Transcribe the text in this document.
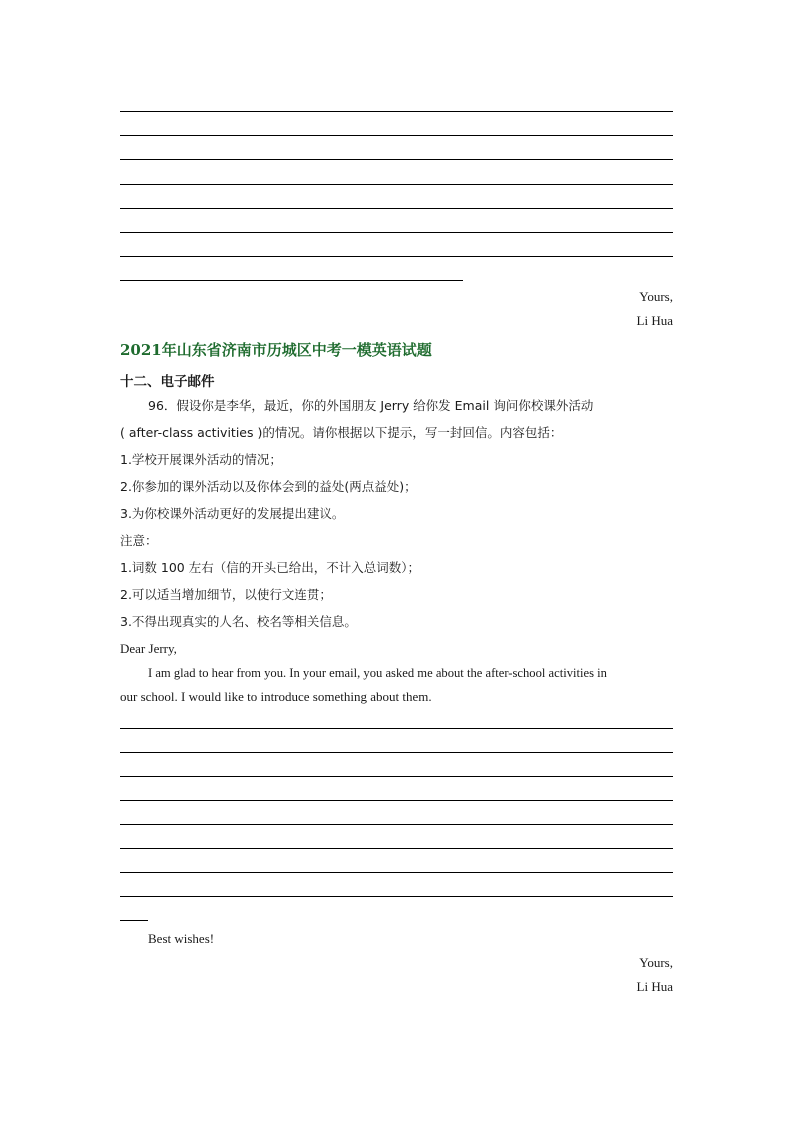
Yours,
Li Hua
2021年山东省济南市历城区中考一模英语试题
十二、电子邮件
96．假设你是李华，最近，你的外国朋友 Jerry 给你发 Email 询问你校课外活动
( after-class activities )的情况。请你根据以下提示，写一封回信。内容包括：
1.学校开展课外活动的情况；
2.你参加的课外活动以及你体会到的益处(两点益处)；
3.为你校课外活动更好的发展提出建议。
注意：
1.词数 100 左右（信的开头已给出，不计入总词数）；
2.可以适当增加细节，以使行文连贯；
3.不得出现真实的人名、校名等相关信息。
Dear Jerry,
I am glad to hear from you. In your email, you asked me about the after-school activities in
our school. I would like to introduce something about them.
Best wishes!
Yours,
Li Hua
